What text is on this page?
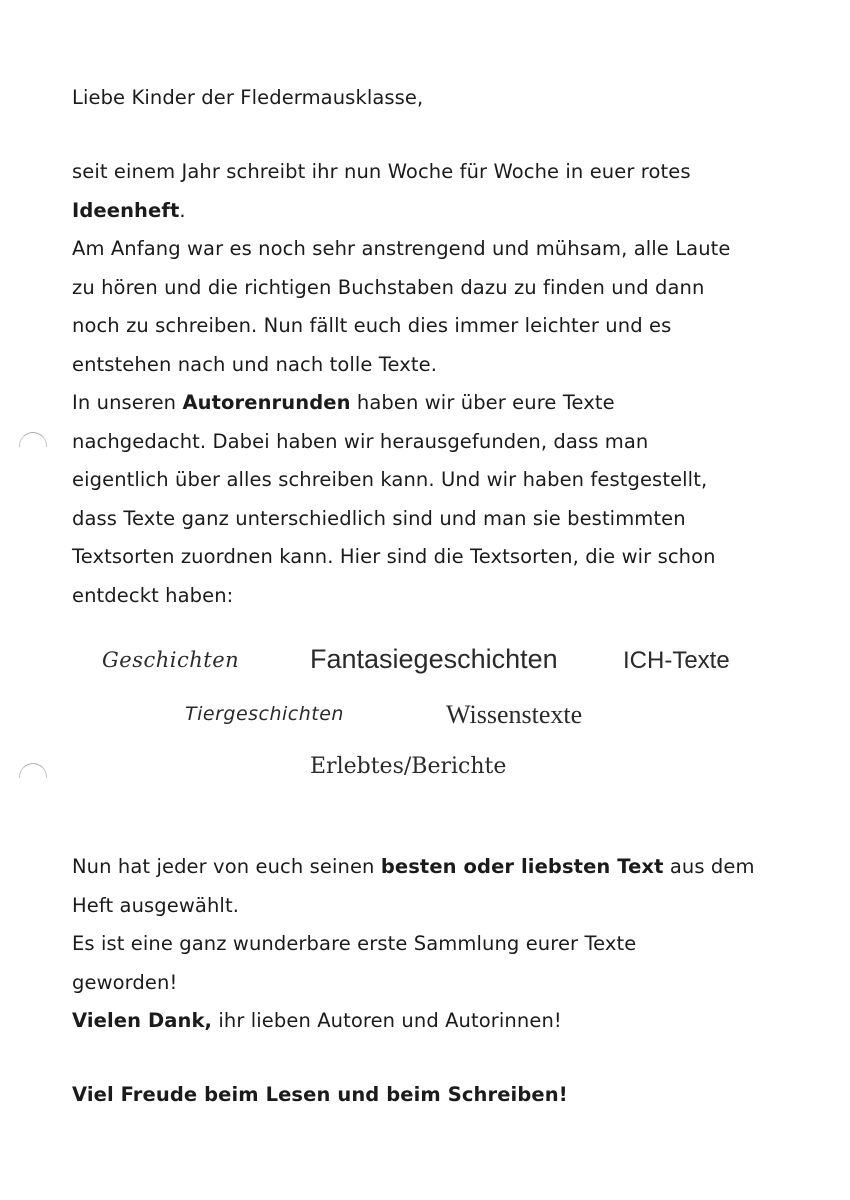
Liebe Kinder der Fledermausklasse,
seit einem Jahr schreibt ihr nun Woche für Woche in euer rotes
Ideenheft.
Am Anfang war es noch sehr anstrengend und mühsam, alle Laute
zu hören und die richtigen Buchstaben dazu zu finden und dann
noch zu schreiben. Nun fällt euch dies immer leichter und es
entstehen nach und nach tolle Texte.
In unseren Autorenrunden haben wir über eure Texte
nachgedacht. Dabei haben wir herausgefunden, dass man
eigentlich über alles schreiben kann. Und wir haben festgestellt,
dass Texte ganz unterschiedlich sind und man sie bestimmten
Textsorten zuordnen kann. Hier sind die Textsorten, die wir schon
entdeckt haben:
Geschichten	Fantasiegeschichten	ICH-Texte
Tiergeschichten	Wissenstexte
Erlebtes/Berichte
Nun hat jeder von euch seinen besten oder liebsten Text aus dem
Heft ausgewählt.
Es ist eine ganz wunderbare erste Sammlung eurer Texte
geworden!
Vielen Dank, ihr lieben Autoren und Autorinnen!
Viel Freude beim Lesen und beim Schreiben!
